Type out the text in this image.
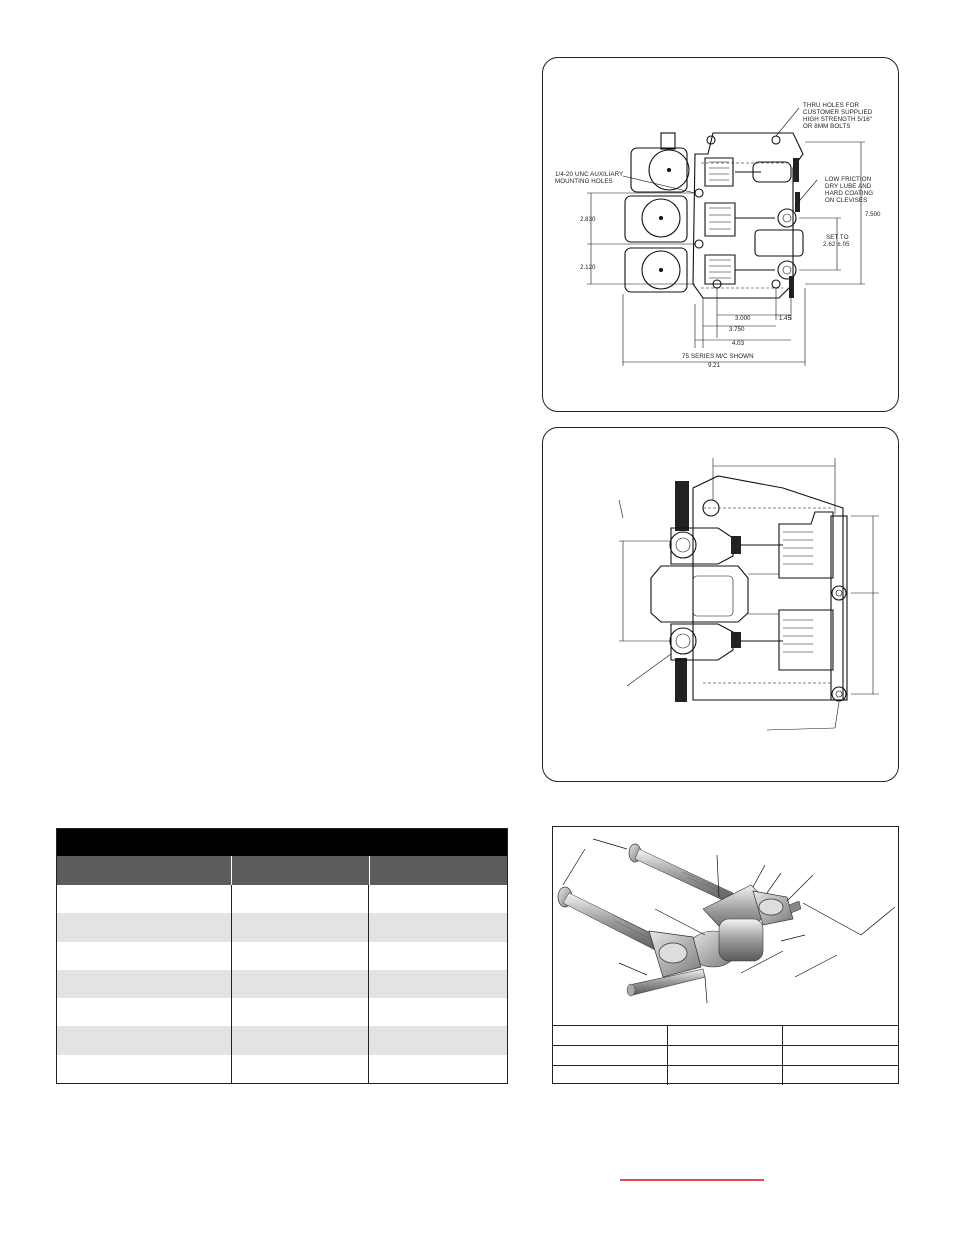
THRU HOLES FOR
CUSTOMER SUPPLIED
HIGH STRENGTH 5/16"
OR 8MM BOLTS
1/4-20 UNC AUXILIARY
MOUNTING HOLES	LOW FRICTION
DRY LUBE AND
HARD COATING
ON CLEVISES
SET TO
2.62 ±.05
7.500
2.830
2.120
3.000	1.45
3.750
4.03
75 SERIES M/C SHOWN
9.21
